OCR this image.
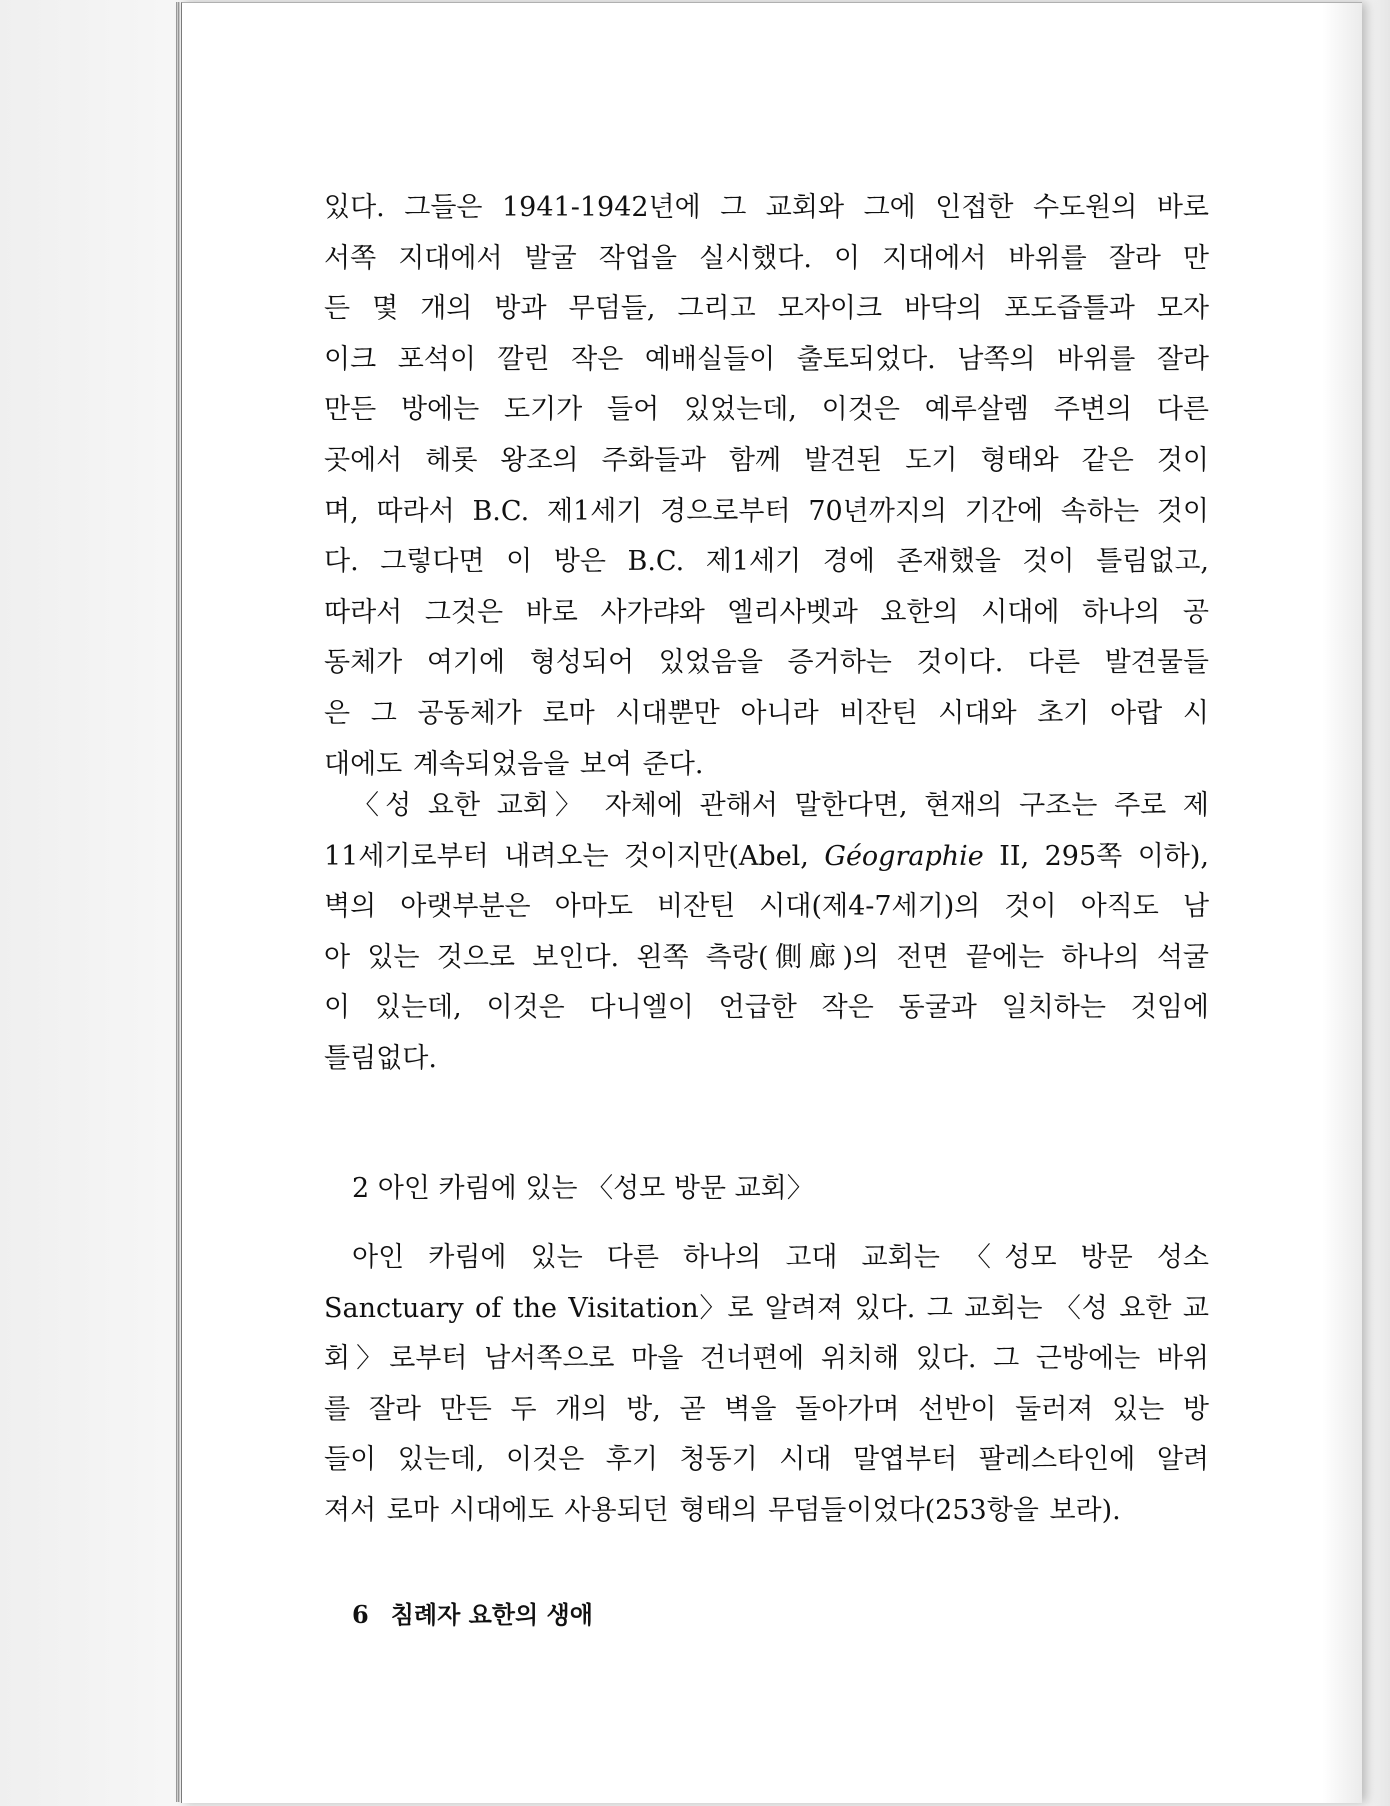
있다. 그들은 1941-1942년에 그 교회와 그에 인접한 수도원의 바로
서쪽 지대에서 발굴 작업을 실시했다. 이 지대에서 바위를 잘라 만
든 몇 개의 방과 무덤들, 그리고 모자이크 바닥의 포도즙틀과 모자
이크 포석이 깔린 작은 예배실들이 출토되었다. 남쪽의 바위를 잘라
만든 방에는 도기가 들어 있었는데, 이것은 예루살렘 주변의 다른
곳에서 헤롯 왕조의 주화들과 함께 발견된 도기 형태와 같은 것이
며, 따라서 B.C. 제1세기 경으로부터 70년까지의 기간에 속하는 것이
다. 그렇다면 이 방은 B.C. 제1세기 경에 존재했을 것이 틀림없고,
따라서 그것은 바로 사가랴와 엘리사벳과 요한의 시대에 하나의 공
동체가 여기에 형성되어 있었음을 증거하는 것이다. 다른 발견물들
은 그 공동체가 로마 시대뿐만 아니라 비잔틴 시대와 초기 아랍 시
대에도 계속되었음을 보여 준다.
〈성 요한 교회〉 자체에 관해서 말한다면, 현재의 구조는 주로 제
11세기로부터 내려오는 것이지만(Abel, Géographie II, 295쪽 이하),
벽의 아랫부분은 아마도 비잔틴 시대(제4-7세기)의 것이 아직도 남
아 있는 것으로 보인다. 왼쪽 측랑(側廊)의 전면 끝에는 하나의 석굴
이 있는데, 이것은 다니엘이 언급한 작은 동굴과 일치하는 것임에
틀림없다.
2 아인 카림에 있는 〈성모 방문 교회〉
아인 카림에 있는 다른 하나의 고대 교회는 〈성모 방문 성소
Sanctuary of the Visitation〉로 알려져 있다. 그 교회는 〈성 요한 교
회〉로부터 남서쪽으로 마을 건너편에 위치해 있다. 그 근방에는 바위
를 잘라 만든 두 개의 방, 곧 벽을 돌아가며 선반이 둘러져 있는 방
들이 있는데, 이것은 후기 청동기 시대 말엽부터 팔레스타인에 알려
져서 로마 시대에도 사용되던 형태의 무덤들이었다(253항을 보라).

6 침례자 요한의 생애
